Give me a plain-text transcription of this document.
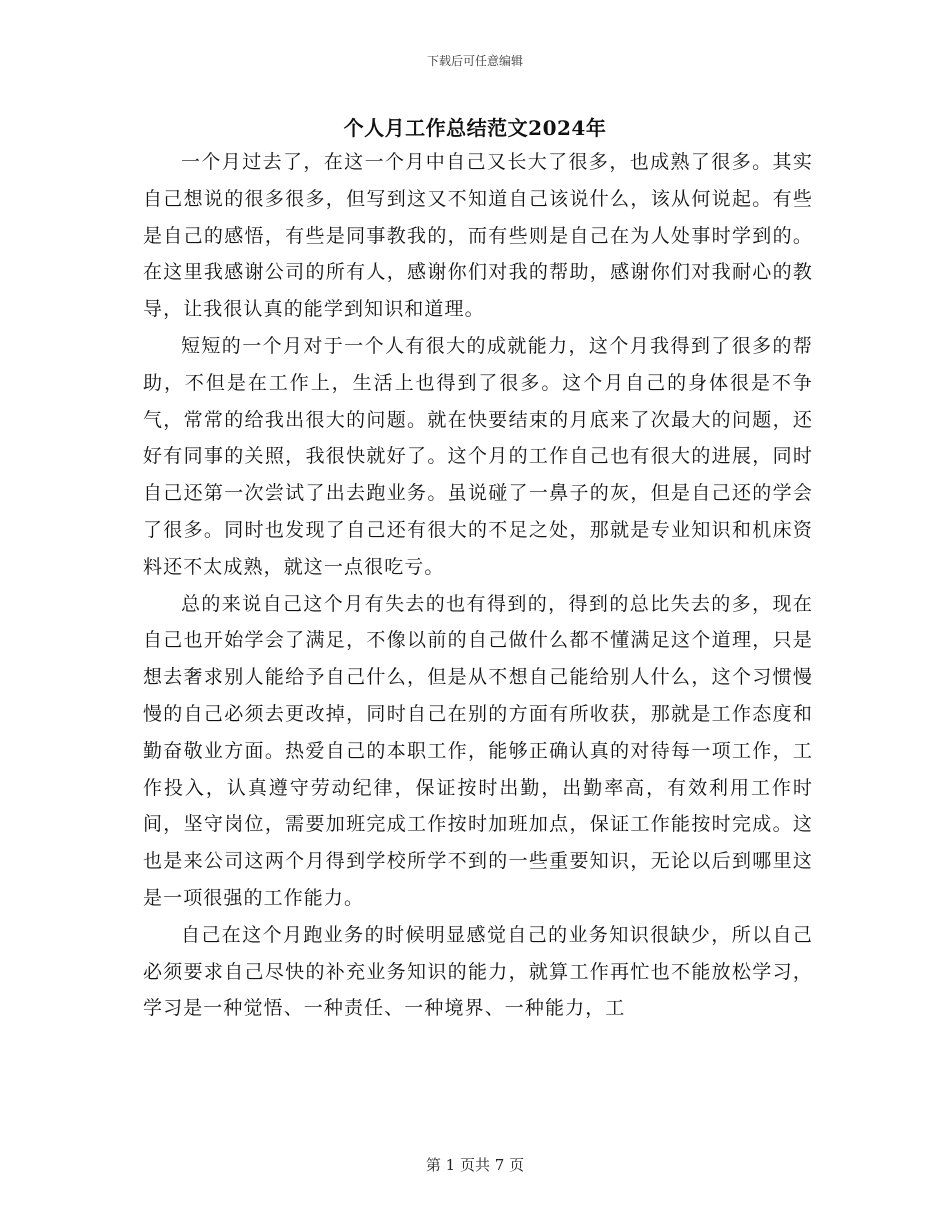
下载后可任意编辑
个人月工作总结范文2024年

一个月过去了，在这一个月中自己又长大了很多，也成熟了很多。其实自己想说的很多很多，但写到这又不知道自己该说什么，该从何说起。有些是自己的感悟，有些是同事教我的，而有些则是自己在为人处事时学到的。在这里我感谢公司的所有人，感谢你们对我的帮助，感谢你们对我耐心的教导，让我很认真的能学到知识和道理。

短短的一个月对于一个人有很大的成就能力，这个月我得到了很多的帮助，不但是在工作上，生活上也得到了很多。这个月自己的身体很是不争气，常常的给我出很大的问题。就在快要结束的月底来了次最大的问题，还好有同事的关照，我很快就好了。这个月的工作自己也有很大的进展，同时自己还第一次尝试了出去跑业务。虽说碰了一鼻子的灰，但是自己还的学会了很多。同时也发现了自己还有很大的不足之处，那就是专业知识和机床资料还不太成熟，就这一点很吃亏。

总的来说自己这个月有失去的也有得到的，得到的总比失去的多，现在自己也开始学会了满足，不像以前的自己做什么都不懂满足这个道理，只是想去奢求别人能给予自己什么，但是从不想自己能给别人什么，这个习惯慢慢的自己必须去更改掉，同时自己在别的方面有所收获，那就是工作态度和勤奋敬业方面。热爱自己的本职工作，能够正确认真的对待每一项工作，工作投入，认真遵守劳动纪律，保证按时出勤，出勤率高，有效利用工作时间，坚守岗位，需要加班完成工作按时加班加点，保证工作能按时完成。这也是来公司这两个月得到学校所学不到的一些重要知识，无论以后到哪里这是一项很强的工作能力。

自己在这个月跑业务的时候明显感觉自己的业务知识很缺少，所以自己必须要求自己尽快的补充业务知识的能力，就算工作再忙也不能放松学习，学习是一种觉悟、一种责任、一种境界、一种能力，工

第 1 页共 7 页
